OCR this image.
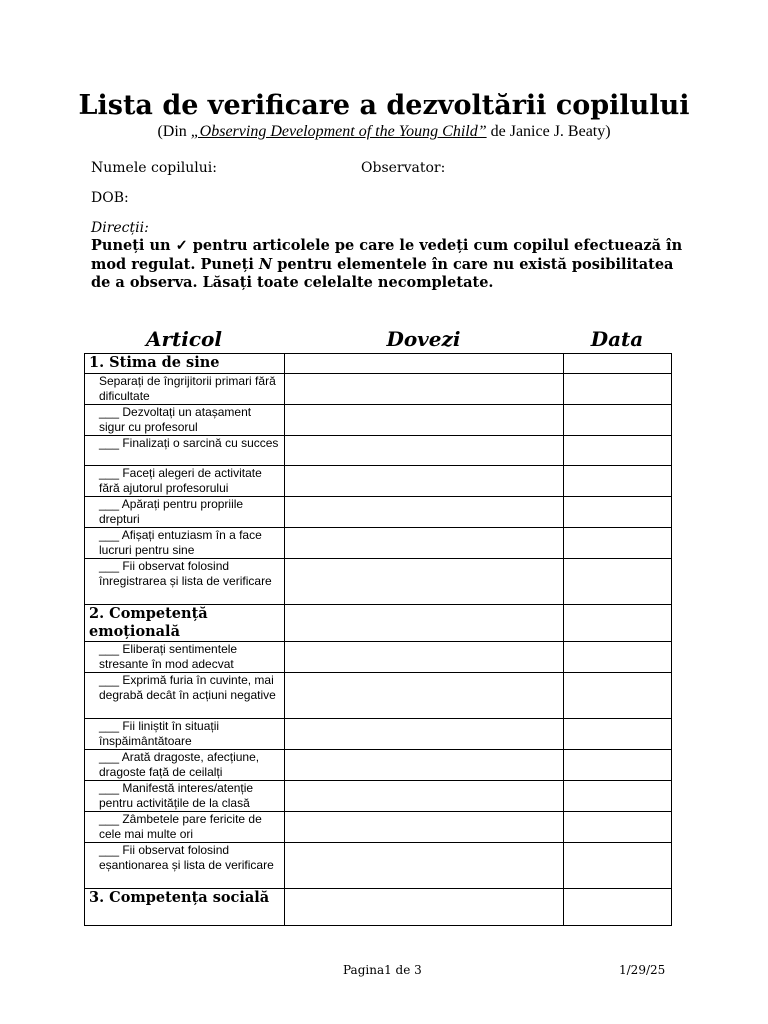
Lista de verificare a dezvoltării copilului
(Din „Observing Development of the Young Child” de Janice J. Beaty)
Numele copilului:	Observator:
DOB:
Direcții:
Puneți un ✓ pentru articolele pe care le vedeți cum copilul efectuează în mod regulat. Puneți N pentru elementele în care nu există posibilitatea de a observa. Lăsați toate celelalte necompletate.
Articol	Dovezi	Data
1. Stima de sine		

Separați de îngrijitorii primari fără dificultate		

___ Dezvoltați un atașament sigur cu profesorul		

___ Finalizați o sarcină cu succes		

___ Faceți alegeri de activitate fără ajutorul profesorului		

___ Apărați pentru propriile drepturi		

___ Afișați entuziasm în a face lucruri pentru sine		

___ Fii observat folosind înregistrarea și lista de verificare		

2. Competență emoțională		

___ Eliberați sentimentele stresante în mod adecvat		

___ Exprimă furia în cuvinte, mai degrabă decât în acțiuni negative		

___ Fii liniștit în situații înspăimântătoare		

___ Arată dragoste, afecțiune, dragoste față de ceilalți		

___ Manifestă interes/atenție pentru activitățile de la clasă		

___ Zâmbetele pare fericite de cele mai multe ori		

___ Fii observat folosind eșantionarea și lista de verificare		

3. Competența socială		
Pagina1 de 3	1/29/25
